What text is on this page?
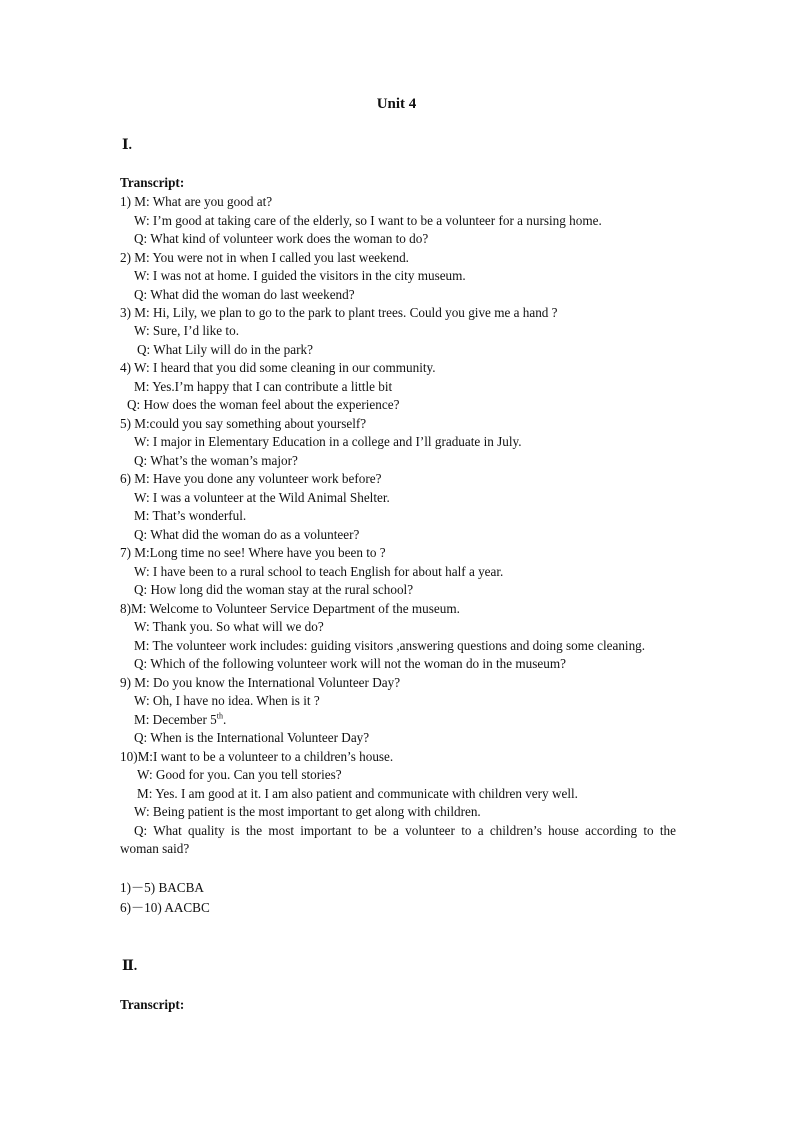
Unit 4
Ⅰ.
Transcript:
1) M: What are you good at?
W: I’m good at taking care of the elderly, so I want to be a volunteer for a nursing home.
Q: What kind of volunteer work does the woman to do?
2) M: You were not in when I called you last weekend.
W: I was not at home. I guided the visitors in the city museum.
Q: What did the woman do last weekend?
3) M: Hi, Lily, we plan to go to the park to plant trees. Could you give me a hand ?
W: Sure, I’d like to.
Q: What Lily will do in the park?
4) W: I heard that you did some cleaning in our community.
M: Yes.I’m happy that I can contribute a little bit
Q: How does the woman feel about the experience?
5) M:could you say something about yourself?
W: I major in Elementary Education in a college and I’ll graduate in July.
Q: What’s the woman’s major?
6) M: Have you done any volunteer work before?
W: I was a volunteer at the Wild Animal Shelter.
M: That’s wonderful.
Q: What did the woman do as a volunteer?
7) M:Long time no see! Where have you been to ?
W: I have been to a rural school to teach English for about half a year.
Q: How long did the woman stay at the rural school?
8)M: Welcome to Volunteer Service Department of the museum.
W: Thank you. So what will we do?
M: The volunteer work includes: guiding visitors ,answering questions and doing some cleaning.
Q: Which of the following volunteer work will not the woman do in the museum?
9) M: Do you know the International Volunteer Day?
W: Oh, I have no idea. When is it ?
M: December 5th.
Q: When is the International Volunteer Day?
10)M:I want to be a volunteer to a children’s house.
W: Good for you. Can you tell stories?
M: Yes. I am good at it. I am also patient and communicate with children very well.
W: Being patient is the most important to get along with children.
Q: What quality is the most important to be a volunteer to a children’s house according to the
woman said?
1)－5) BACBA
6)－10) AACBC
Ⅱ.
Transcript:
